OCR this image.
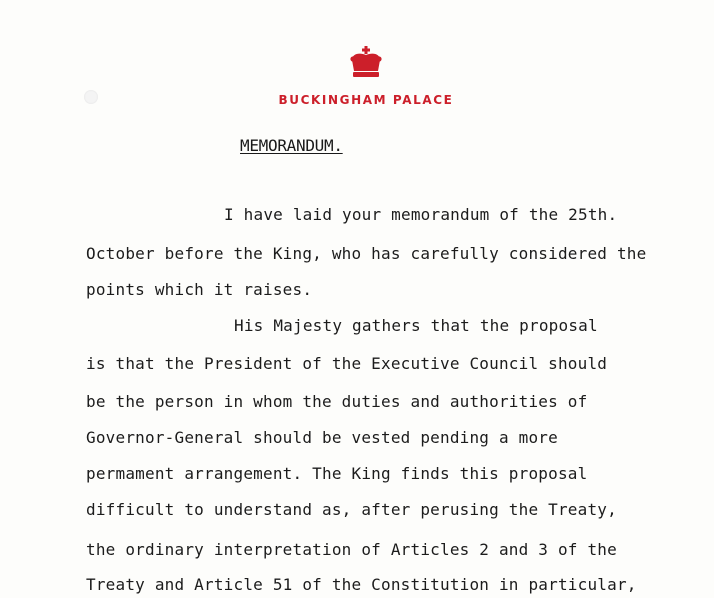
BUCKINGHAM PALACE
MEMORANDUM.
I have laid your memorandum of the 25th.
October before the King, who has carefully considered the
points which it raises.
His Majesty gathers that the proposal
is that the President of the Executive Council should
be the person in whom the duties and authorities of
Governor-General should be vested pending a more
permament arrangement. The King finds this proposal
difficult to understand as, after perusing the Treaty,
the ordinary interpretation of Articles 2 and 3 of the
Treaty and Article 51 of the Constitution in particular,
